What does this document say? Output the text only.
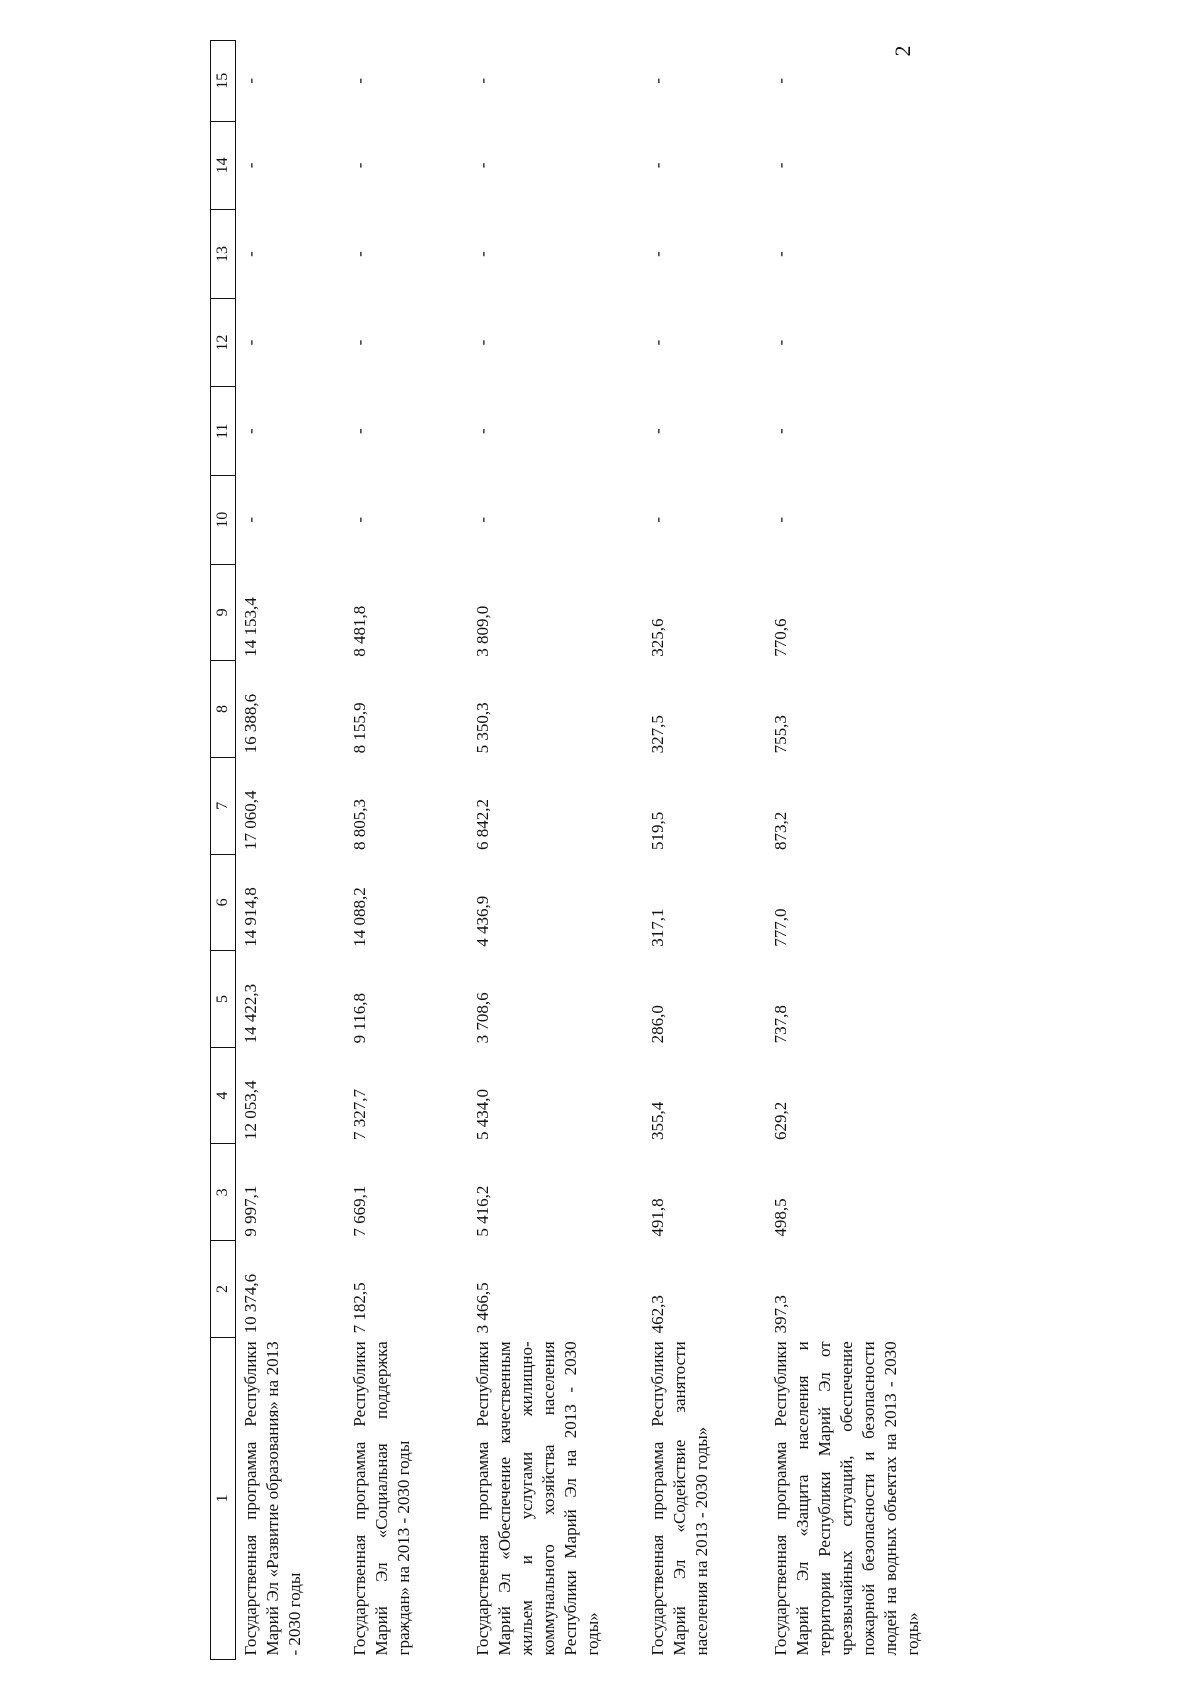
2
1	2	3	4	5	6	7	8	9	10	11	12	13	14	15
Государственная программа Республики Марий Эл «Развитие образования» на 2013 - 2030 годы	10 374,6	9 997,1	12 053,4	14 422,3	14 914,8	17 060,4	16 388,6	14 153,4	-	-	-	-	-	-
Государственная программа Республики Марий Эл «Социальная поддержка граждан» на 2013 - 2030 годы	7 182,5	7 669,1	7 327,7	9 116,8	14 088,2	8 805,3	8 155,9	8 481,8	-	-	-	-	-	-
Государственная программа Республики Марий Эл «Обеспечение качественным жильем и услугами жилищно-коммунального хозяйства населения Республики Марий Эл на 2013 - 2030 годы»	3 466,5	5 416,2	5 434,0	3 708,6	4 436,9	6 842,2	5 350,3	3 809,0	-	-	-	-	-	-
Государственная программа Республики Марий Эл «Содействие занятости населения на 2013 - 2030 годы»	462,3	491,8	355,4	286,0	317,1	519,5	327,5	325,6	-	-	-	-	-	-
Государственная программа Республики Марий Эл «Защита населения и территории Республики Марий Эл от чрезвычайных ситуаций, обеспечение пожарной безопасности и безопасности людей на водных объектах на 2013 - 2030 годы»	397,3	498,5	629,2	737,8	777,0	873,2	755,3	770,6	-	-	-	-	-	-
